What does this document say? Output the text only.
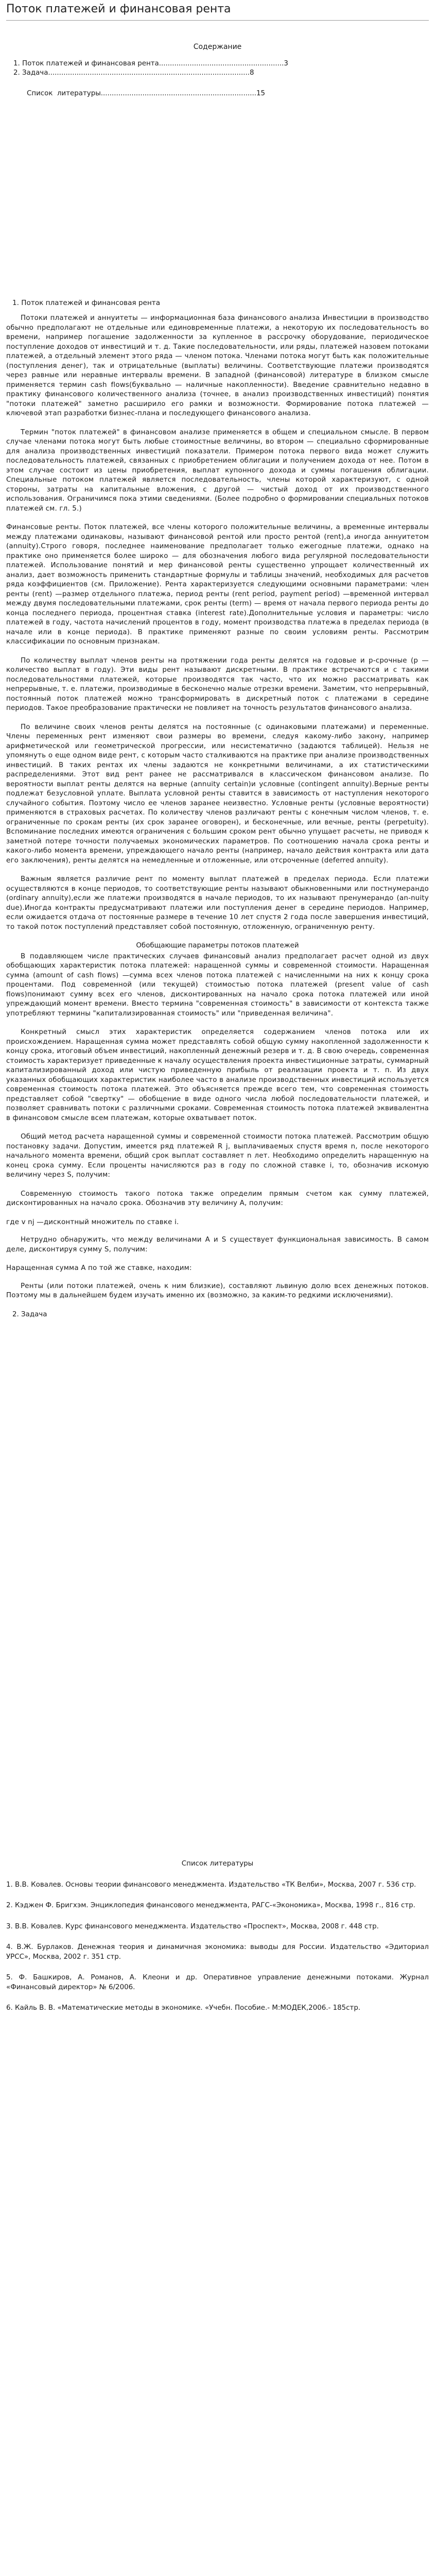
Поток платежей и финансовая рента
Содержание
1. Поток платежей и финансовая рента.........................................................3
2. Задача............................................................................................8
Список  литературы.......................................................................15
1. Поток платежей и финансовая рента

Потоки платежей и аннуитеты — информационная база финансового анализа Инвестиции в производство обычно предполагают не отдельные или единовременные платежи, а некоторую их последовательность во времени, например погашение задолженности за купленное в рассрочку оборудование, периодическое поступление доходов от инвестиций и т. д. Такие последовательности, или ряды, платежей назовем потоками платежей, а отдельный элемент этого ряда — членом потока. Членами потока могут быть как положительные (поступления денег), так и отрицательные (выплаты) величины. Соответствующие платежи производятся через равные или неравные интервалы времени. В западной (финансовой) литературе в близком смысле применяется термин cash flows(буквально — наличные накопленности). Введение сравнительно недавно в практику финансового количественного анализа (точнее, в анализ производственных инвестиций) понятия "потоки платежей" заметно расширило его рамки и возможности. Формирование потока платежей — ключевой этап разработки бизнес-плана и последующего финансового анализа.

Термин "поток платежей" в финансовом анализе применяется в общем и специальном смысле. В первом случае членами потока могут быть любые стоимостные величины, во втором — специально сформированные для анализа производственных инвестиций показатели. Примером потока первого вида может служить последовательность платежей, связанных с приобретением облигации и получением дохода от нее. Потом в этом случае состоит из цены приобретения, выплат купонного дохода и суммы погашения облигации. Специальные потоком платежей является последовательность, члены которой характеризуют, с одной стороны, затраты на капитальные вложения, с другой — чистый доход от их производственного использования. Ограничимся пока этими сведениями. (Более подробно о формировании специальных потоков платежей см. гл. 5.)

Финансовые ренты. Поток платежей, все члены которого положительные величины, а временные интервалы между платежами одинаковы, называют финансовой рентой или просто рентой (rent),а иногда аннуитетом (annuity).Строго говоря, последнее наименование предполагает только ежегодные платежи, однако на практике оно применяется более широко — для обозначения любого вида регулярной последовательности платежей. Использование понятий и мер финансовой ренты существенно упрощает количественный их анализ, дает возможность применить стандартные формулы и таблицы значений, необходимых для расчетов ряда коэффициентов (см. Приложение). Рента характеризуется следующими основными параметрами: член ренты (rent) —размер отдельного платежа, период ренты (rent period, payment period) —временной интервал между двумя последовательными платежами, срок ренты (term) — время от начала первого периода ренты до конца последнего периода, процентная ставка (interest rate).Дополнительные условия и параметры: число платежей в году, частота начислений процентов в году, момент производства платежа в пределах периода (в начале или в конце периода). В практике применяют разные по своим условиям ренты. Рассмотрим классификации по основным признакам.

По количеству выплат членов ренты на протяжении года ренты делятся на годовые и р-срочные (р — количество выплат в году). Эти виды рент называют дискретными. В практике встречаются и с такими последовательностями платежей, которые производятся так часто, что их можно рассматривать как непрерывные, т. е. платежи, производимые в бесконечно малые отрезки времени. Заметим, что непрерывный, постоянный поток платежей можно трансформировать в дискретный поток с платежами в середине периодов. Такое преобразование практически не повлияет на точность результатов финансового анализа.

По величине своих членов ренты делятся на постоянные (с одинаковыми платежами) и переменные. Члены переменных рент изменяют свои размеры во времени, следуя какому-либо закону, например арифметической или геометрической прогрессии, или несистематично (задаются таблицей). Нельзя не упомянуть о еще одном виде рент, с которым часто сталкиваются на практике при анализе производственных инвестиций. В таких рентах их члены задаются не конкретными величинами, а их статистическими распределениями. Этот вид рент ранее не рассматривался в классическом финансовом анализе. По вероятности выплат ренты делятся на верные (annuity certain)и условные (contingent annuity).Верные ренты подлежат безусловной уплате. Выплата условной ренты ставится в зависимость от наступления некоторого случайного события. Поэтому число ее членов заранее неизвестно. Условные ренты (условные вероятности) применяются в страховых расчетах. По количеству членов различают ренты с конечным числом членов, т. е. ограниченные по срокам ренты (их срок заранее оговорен), и бесконечные, или вечные, ренты (perpetuity). Вспоминание последних имеются ограничения с большим сроком рент обычно упущает расчеты, не приводя к заметной потере точности получаемых экономических параметров. По соотношению начала срока ренты и какого-либо момента времени, упреждающего начало ренты (например, начало действия контракта или дата его заключения), ренты делятся на немедленные и отложенные, или отсроченные (deferred annuity).

Важным является различие рент по моменту выплат платежей в пределах периода. Если платежи осуществляются в конце периодов, то соответствующие ренты называют обыкновенными или постнумерандо (ordinary annuity),если же платежи производятся в начале периодов, то их называют пренумерандо (an-nuity due).Иногда контракты предусматривают платежи или поступления денег в середине периодов. Например, если ожидается отдача от постоянные размере в течение 10 лет спустя 2 года после завершения инвестиций, то такой поток поступлений представляет собой постоянную, отложенную, ограниченную ренту.

Обобщающие параметры потоков платежей

В подавляющем числе практических случаев финансовый анализ предполагает расчет одной из двух обобщающих характеристик потока платежей: наращенной суммы и современной стоимости. Наращенная сумма (amount of cash flows) —сумма всех членов потока платежей с начисленными на них к концу срока процентами. Под современной (или текущей) стоимостью потока платежей (present value of cash flows)понимают сумму всех его членов, дисконтированных на начало срока потока платежей или иной упреждающий момент времени. Вместо термина "современная стоимость" в зависимости от контекста также употребляют термины "капитализированная стоимость" или "приведенная величина".

Конкретный смысл этих характеристик определяется содержанием членов потока или их происхождением. Наращенная сумма может представлять собой общую сумму накопленной задолженности к концу срока, итоговый объем инвестиций, накопленный денежный резерв и т. д. В свою очередь, современная стоимость характеризует приведенные к началу осуществления проекта инвестиционные затраты, суммарный капитализированный доход или чистую приведенную прибыль от реализации проекта и т. п. Из двух указанных обобщающих характеристик наиболее часто в анализе производственных инвестиций используется современная стоимость потока платежей. Это объясняется прежде всего тем, что современная стоимость представляет собой "свертку" — обобщение в виде одного числа любой последовательности платежей, и позволяет сравнивать потоки с различными сроками. Современная стоимость потока платежей эквивалентна в финансовом смысле всем платежам, которые охватывает поток.

Общий метод расчета наращенной суммы и современной стоимости потока платежей. Рассмотрим общую постановку задачи. Допустим, имеется ряд платежей R j, выплачиваемых спустя время n, после некоторого начального момента времени, общий срок выплат составляет n лет. Необходимо определить наращенную на конец срока сумму. Если проценты начисляются раз в году по сложной ставке i, то, обозначив искомую величину через S, получим:

Современную стоимость такого потока также определим прямым счетом как сумму платежей, дисконтированных на начало срока. Обозначив эту величину A, получим:

где v nj —дисконтный множитель по ставке i.

Нетрудно обнаружить, что между величинами A и S существует функциональная зависимость. В самом деле, дисконтируя сумму S, получим:

Наращенная сумма A по той же ставке, находим:

Ренты (или потоки платежей, очень к ним близкие), составляют львиную долю всех денежных потоков. Поэтому мы в дальнейшем будем изучать именно их (возможно, за каким-то редкими исключениями).

2. Задача
Список литературы
1. В.В. Ковалев. Основы теории финансового менеджмента. Издательство «ТК Велби», Москва, 2007 г. 536 стр.
2. Кэджен Ф. Бригхэм. Энциклопедия финансового менеджмента, РАГС-«Экономика», Москва, 1998 г., 816 стр.
3. В.В. Ковалев. Курс финансового менеджмента. Издательство «Проспект», Москва, 2008 г. 448 стр.
4. В.Ж. Бурлаков. Денежная теория и динамичная экономика: выводы для России. Издательство «Эдиториал УРСС», Москва, 2002 г. 351 стр.
5. Ф. Башкиров, А. Романов, А. Клеони и др. Оперативное управление денежными потоками. Журнал «Финансовый директор» № 6/2006.
6. Кайль В. В. «Математические методы в экономике. «Учебн. Пособие.- М:МОДЕК,2006.- 185стр.
